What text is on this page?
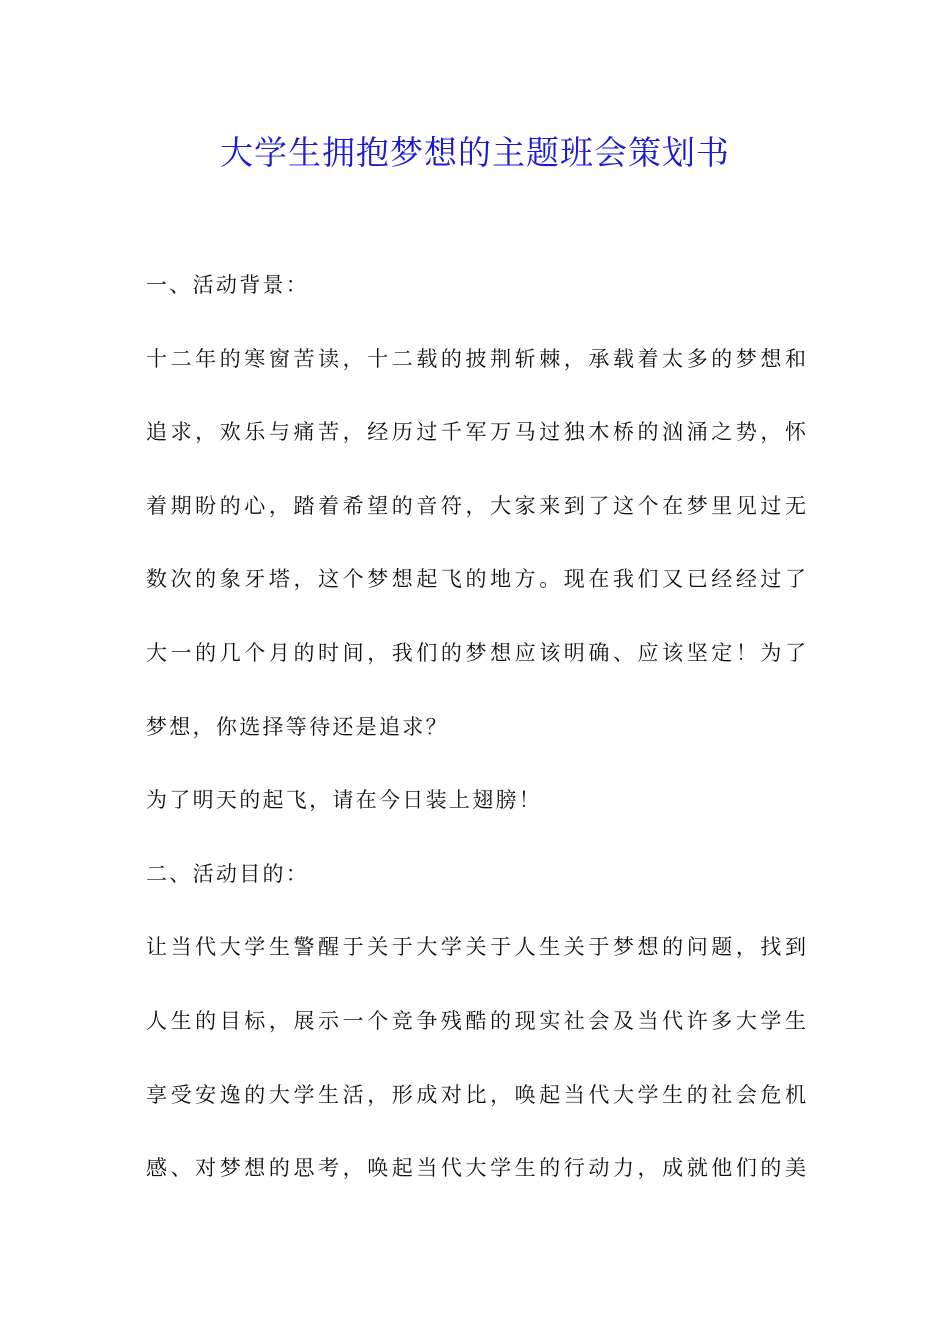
大学生拥抱梦想的主题班会策划书
一、活动背景：
十二年的寒窗苦读，十二载的披荆斩棘，承载着太多的梦想和
追求，欢乐与痛苦，经历过千军万马过独木桥的汹涌之势，怀
着期盼的心，踏着希望的音符，大家来到了这个在梦里见过无
数次的象牙塔，这个梦想起飞的地方。现在我们又已经经过了
大一的几个月的时间，我们的梦想应该明确、应该坚定！为了
梦想，你选择等待还是追求？
为了明天的起飞，请在今日装上翅膀！
二、活动目的：
让当代大学生警醒于关于大学关于人生关于梦想的问题，找到
人生的目标，展示一个竞争残酷的现实社会及当代许多大学生
享受安逸的大学生活，形成对比，唤起当代大学生的社会危机
感、对梦想的思考，唤起当代大学生的行动力，成就他们的美
